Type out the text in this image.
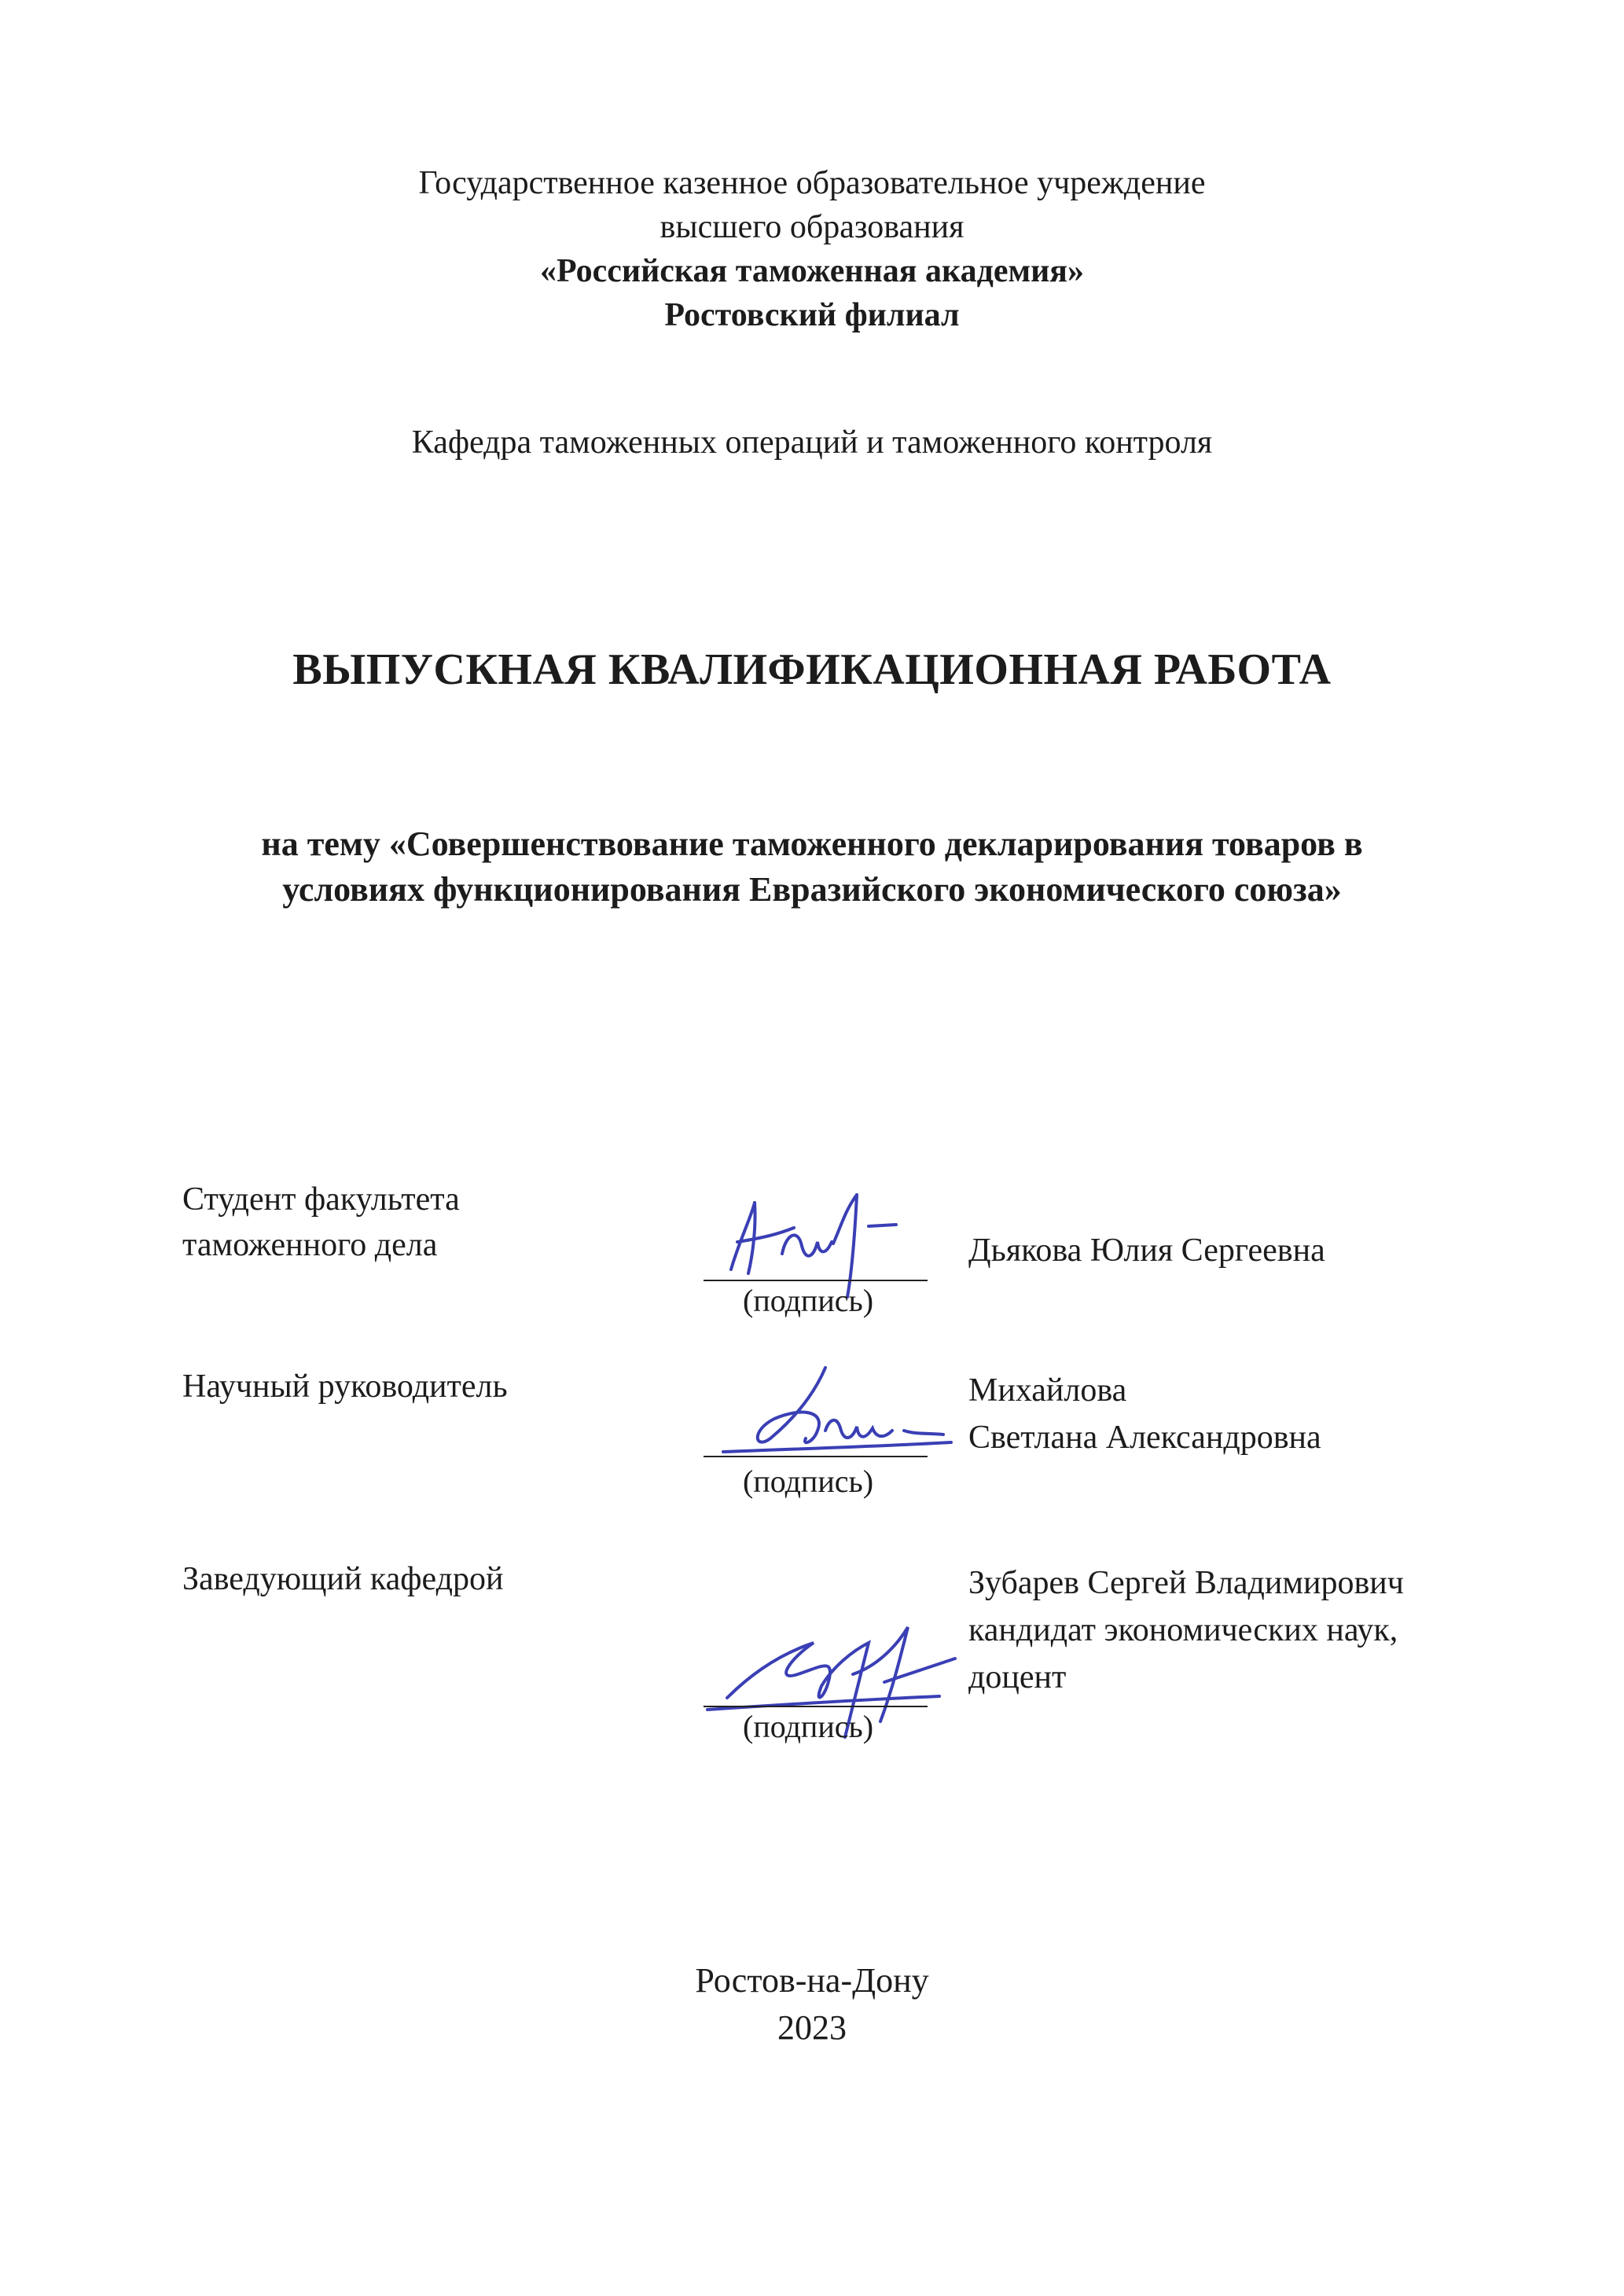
Государственное казенное образовательное учреждение
высшего образования
«Российская таможенная академия»
Ростовский филиал
Кафедра таможенных операций и таможенного контроля
ВЫПУСКНАЯ КВАЛИФИКАЦИОННАЯ РАБОТА
на тему «Совершенствование таможенного декларирования товаров в
условиях функционирования Евразийского экономического союза»
Студент факультета
таможенного дела
(подпись)
Дьякова Юлия Сергеевна
Научный руководитель
(подпись)
Михайлова
Светлана Александровна
Заведующий кафедрой
(подпись)
Зубарев Сергей Владимирович
кандидат экономических наук,
доцент
Ростов-на-Дону
2023
